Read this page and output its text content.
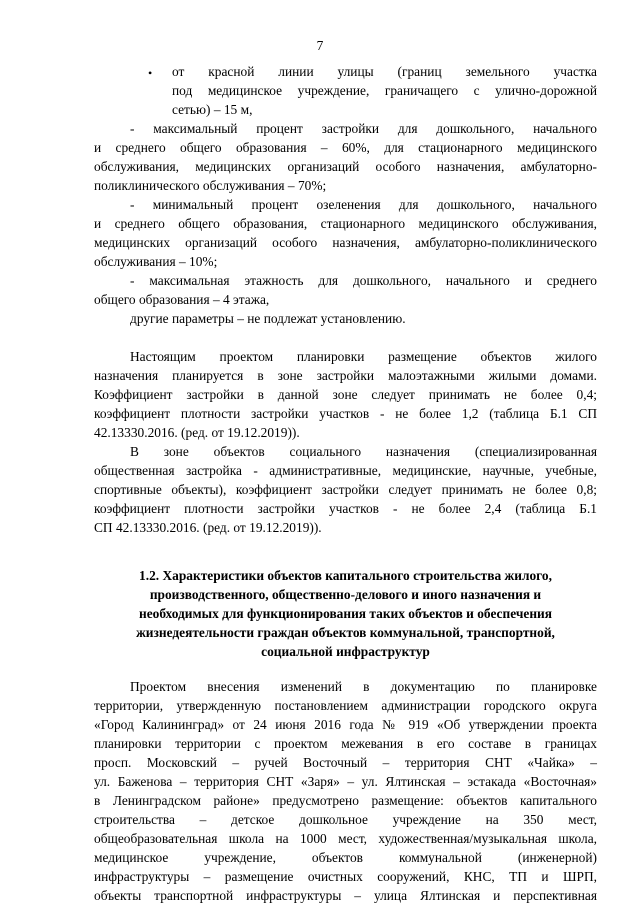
7
• от красной линии улицы (границ земельного участка
под медицинское учреждение, граничащего с улично-дорожной
сетью) – 15 м,
- максимальный процент застройки для дошкольного, начального
и среднего общего образования – 60%, для стационарного медицинского
обслуживания, медицинских организаций особого назначения, амбулаторно-
поликлинического обслуживания – 70%;
- минимальный процент озеленения для дошкольного, начального
и среднего общего образования, стационарного медицинского обслуживания,
медицинских организаций особого назначения, амбулаторно-поликлинического
обслуживания – 10%;
- максимальная этажность для дошкольного, начального и среднего
общего образования – 4 этажа,
другие параметры – не подлежат установлению.
Настоящим проектом планировки размещение объектов жилого
назначения планируется в зоне застройки малоэтажными жилыми домами.
Коэффициент застройки в данной зоне следует принимать не более 0,4;
коэффициент плотности застройки участков - не более 1,2 (таблица Б.1 СП
42.13330.2016. (ред. от 19.12.2019)).
В зоне объектов социального назначения (специализированная
общественная застройка - административные, медицинские, научные, учебные,
спортивные объекты), коэффициент застройки следует принимать не более 0,8;
коэффициент плотности застройки участков - не более 2,4 (таблица Б.1
СП 42.13330.2016. (ред. от 19.12.2019)).
1.2. Характеристики объектов капитального строительства жилого,
производственного, общественно-делового и иного назначения и
необходимых для функционирования таких объектов и обеспечения
жизнедеятельности граждан объектов коммунальной, транспортной,
социальной инфраструктур
Проектом внесения изменений в документацию по планировке
территории, утвержденную постановлением администрации городского округа
«Город Калининград» от 24 июня 2016 года № 919 «Об утверждении проекта
планировки территории с проектом межевания в его составе в границах
просп. Московский – ручей Восточный – территория СНТ «Чайка» –
ул. Баженова – территория СНТ «Заря» – ул. Ялтинская – эстакада «Восточная»
в Ленинградском районе» предусмотрено размещение: объектов капитального
строительства – детское дошкольное учреждение на 350 мест,
общеобразовательная школа на 1000 мест, художественная/музыкальная школа,
медицинское учреждение, объектов коммунальной (инженерной)
инфраструктуры – размещение очистных сооружений, КНС, ТП и ШРП,
объекты транспортной инфраструктуры – улица Ялтинская и перспективная
